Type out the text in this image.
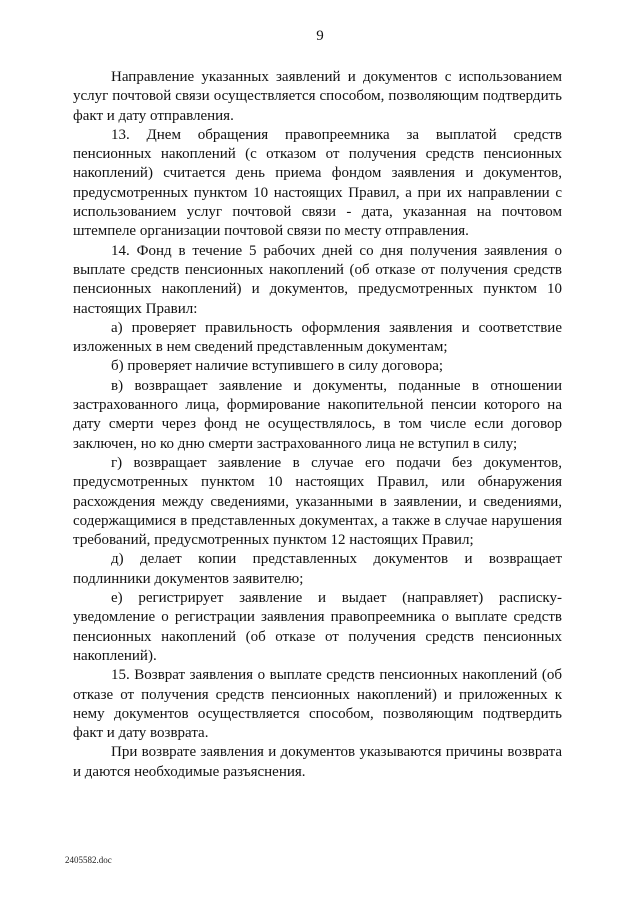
9

Направление указанных заявлений и документов с использованием услуг почтовой связи осуществляется способом, позволяющим подтвердить факт и дату отправления.

13. Днем обращения правопреемника за выплатой средств пенсионных накоплений (с отказом от получения средств пенсионных накоплений) считается день приема фондом заявления и документов, предусмотренных пунктом 10 настоящих Правил, а при их направлении с использованием услуг почтовой связи - дата, указанная на почтовом штемпеле организации почтовой связи по месту отправления.

14. Фонд в течение 5 рабочих дней со дня получения заявления о выплате средств пенсионных накоплений (об отказе от получения средств пенсионных накоплений) и документов, предусмотренных пунктом 10 настоящих Правил:

а) проверяет правильность оформления заявления и соответствие изложенных в нем сведений представленным документам;

б) проверяет наличие вступившего в силу договора;

в) возвращает заявление и документы, поданные в отношении застрахованного лица, формирование накопительной пенсии которого на дату смерти через фонд не осуществлялось, в том числе если договор заключен, но ко дню смерти застрахованного лица не вступил в силу;

г) возвращает заявление в случае его подачи без документов, предусмотренных пунктом 10 настоящих Правил, или обнаружения расхождения между сведениями, указанными в заявлении, и сведениями, содержащимися в представленных документах, а также в случае нарушения требований, предусмотренных пунктом 12 настоящих Правил;

д) делает копии представленных документов и возвращает подлинники документов заявителю;

е) регистрирует заявление и выдает (направляет) расписку-уведомление о регистрации заявления правопреемника о выплате средств пенсионных накоплений (об отказе от получения средств пенсионных накоплений).

15. Возврат заявления о выплате средств пенсионных накоплений (об отказе от получения средств пенсионных накоплений) и приложенных к нему документов осуществляется способом, позволяющим подтвердить факт и дату возврата.

При возврате заявления и документов указываются причины возврата и даются необходимые разъяснения.

2405582.doc
